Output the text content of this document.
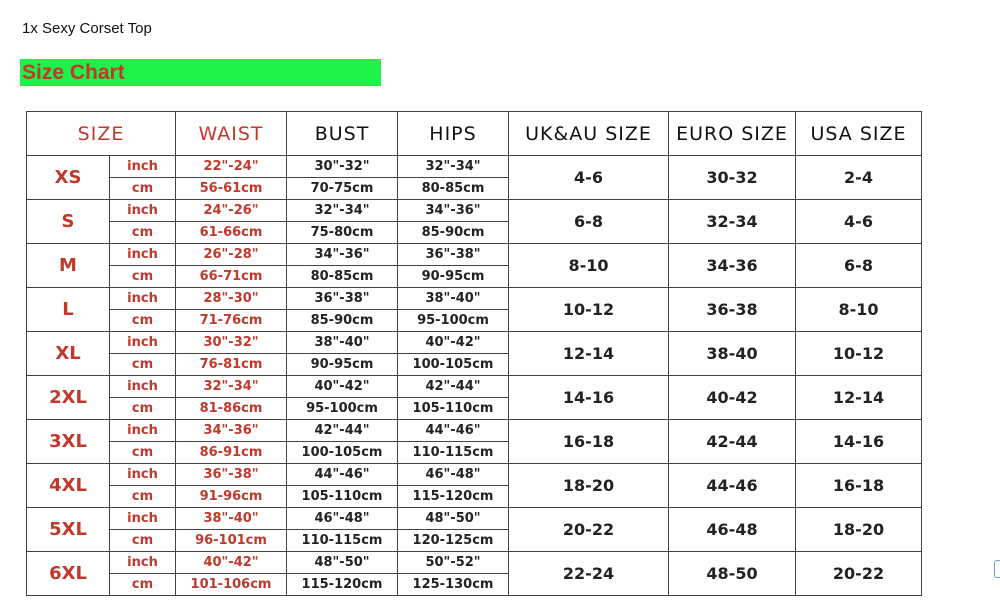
1x Sexy Corset Top
Size Chart
SIZE		WAIST	BUST	HIPS	UK&AU SIZE	EURO SIZE	USA SIZE
XS	inch	22"-24"	30"-32"	32"-34"	4-6	30-32	2-4
	cm	56-61cm	70-75cm	80-85cm			
S	inch	24"-26"	32"-34"	34"-36"	6-8	32-34	4-6
	cm	61-66cm	75-80cm	85-90cm			
M	inch	26"-28"	34"-36"	36"-38"	8-10	34-36	6-8
	cm	66-71cm	80-85cm	90-95cm			
L	inch	28"-30"	36"-38"	38"-40"	10-12	36-38	8-10
	cm	71-76cm	85-90cm	95-100cm			
XL	inch	30"-32"	38"-40"	40"-42"	12-14	38-40	10-12
	cm	76-81cm	90-95cm	100-105cm			
2XL	inch	32"-34"	40"-42"	42"-44"	14-16	40-42	12-14
	cm	81-86cm	95-100cm	105-110cm			
3XL	inch	34"-36"	42"-44"	44"-46"	16-18	42-44	14-16
	cm	86-91cm	100-105cm	110-115cm			
4XL	inch	36"-38"	44"-46"	46"-48"	18-20	44-46	16-18
	cm	91-96cm	105-110cm	115-120cm			
5XL	inch	38"-40"	46"-48"	48"-50"	20-22	46-48	18-20
	cm	96-101cm	110-115cm	120-125cm			
6XL	inch	40"-42"	48"-50"	50"-52"	22-24	48-50	20-22
	cm	101-106cm	115-120cm	125-130cm			
